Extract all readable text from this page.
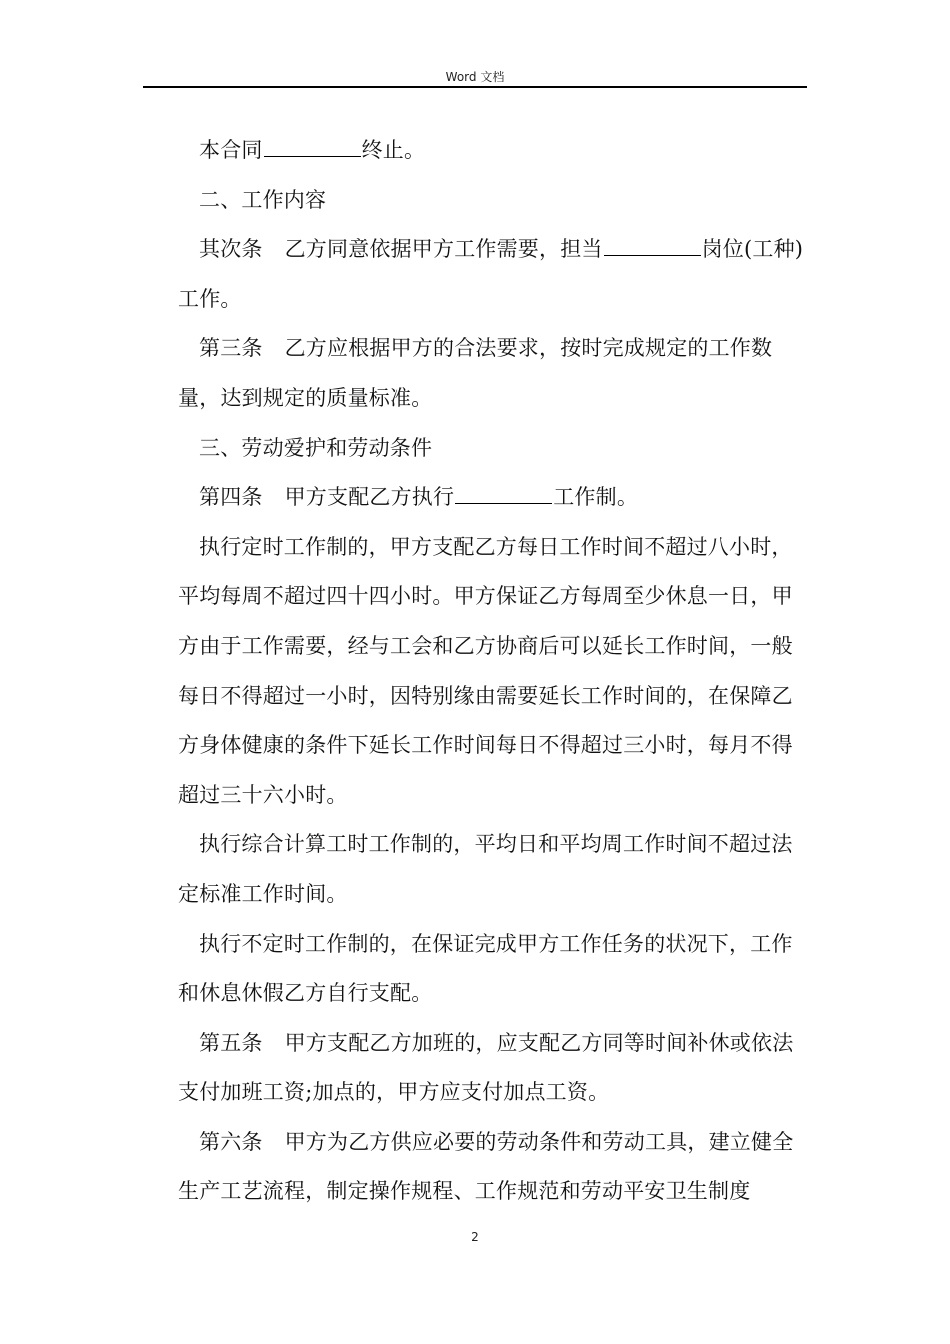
Word 文档

本合同	终止。

二、工作内容

其次条 乙方同意依据甲方工作需要，担当	岗位(工种)工作。

第三条 乙方应根据甲方的合法要求，按时完成规定的工作数量，达到规定的质量标准。

三、劳动爱护和劳动条件

第四条 甲方支配乙方执行	工作制。

执行定时工作制的，甲方支配乙方每日工作时间不超过八小时，平均每周不超过四十四小时。甲方保证乙方每周至少休息一日，甲方由于工作需要，经与工会和乙方协商后可以延长工作时间，一般每日不得超过一小时，因特别缘由需要延长工作时间的，在保障乙方身体健康的条件下延长工作时间每日不得超过三小时，每月不得超过三十六小时。

执行综合计算工时工作制的，平均日和平均周工作时间不超过法定标准工作时间。

执行不定时工作制的，在保证完成甲方工作任务的状况下，工作和休息休假乙方自行支配。

第五条 甲方支配乙方加班的，应支配乙方同等时间补休或依法支付加班工资;加点的，甲方应支付加点工资。

第六条 甲方为乙方供应必要的劳动条件和劳动工具，建立健全生产工艺流程，制定操作规程、工作规范和劳动平安卫生制度

2
